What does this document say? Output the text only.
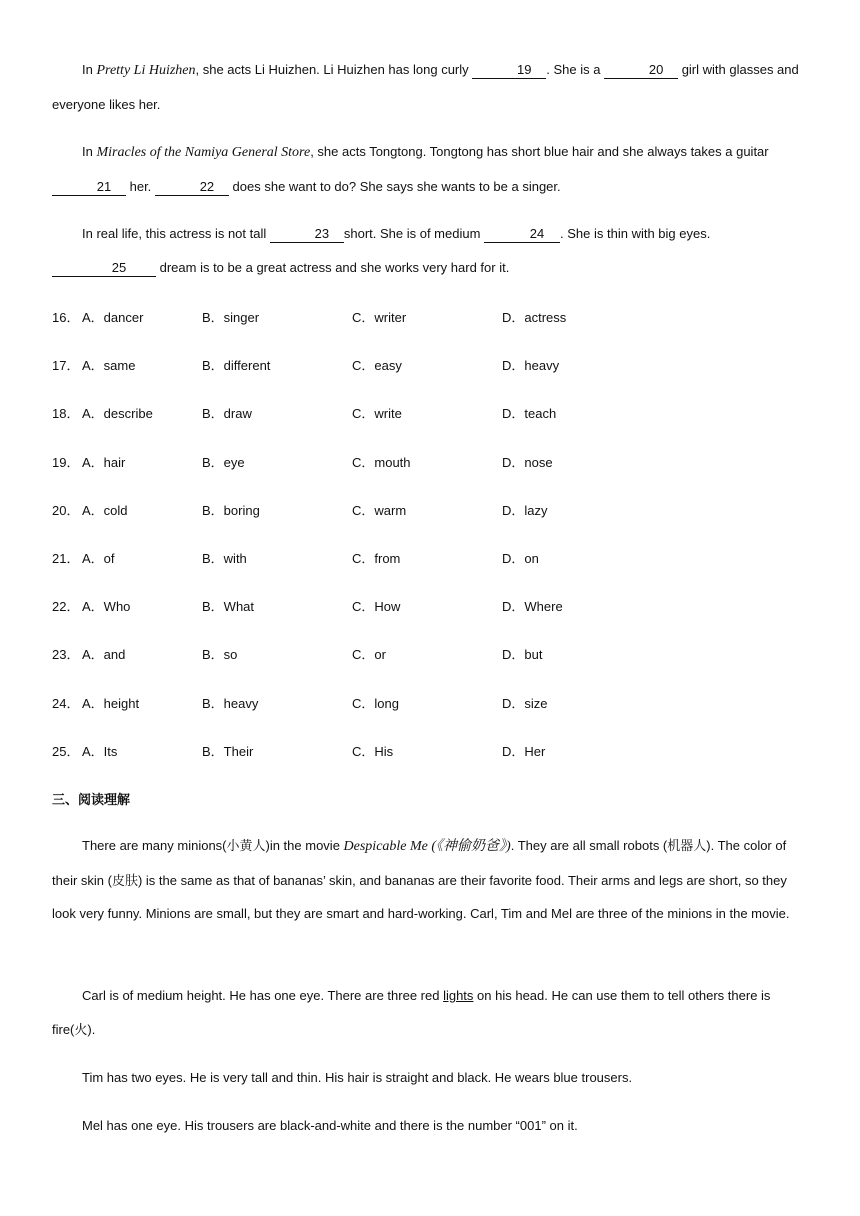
In Pretty Li Huizhen, she acts Li Huizhen. Li Huizhen has long curly	19 . She is a	20 girl with glasses and everyone likes her.

In Miracles of the Namiya General Store, she acts Tongtong. Tongtong has short blue hair and she always takes a guitar 21 her.	22 does she want to do? She says she wants to be a singer.

In real life, this actress is not tall	23 short. She is of medium	24 . She is thin with big eyes.
25 dream is to be a great actress and she works very hard for it.

16． A．dancer	B．singer	C．writer	D．actress
17． A．same	B．different	C．easy	D．heavy
18． A．describe	B．draw	C．write	D．teach
19． A．hair	B．eye	C．mouth	D．nose
20． A．cold	B．boring	C．warm	D．lazy
21． A．of	B．with	C．from	D．on
22． A．Who	B．What	C．How	D．Where
23． A．and	B．so	C．or	D．but
24． A．height	B．heavy	C．long	D．size
25． A．Its	B．Their	C．His	D．Her
三、阅读理解

There are many minions(小黄人)in the movie Despicable Me (《神偷奶爸》). They are all small robots (机器人). The color of their skin (皮肤) is the same as that of bananas’ skin, and bananas are their favorite food. Their arms and legs are short, so they look very funny. Minions are small, but they are smart and hard-working. Carl, Tim and Mel are three of the minions in the movie.

Carl is of medium height. He has one eye. There are three red lights on his head. He can use them to tell others there is fire(火).

Tim has two eyes. He is very tall and thin. His hair is straight and black. He wears blue trousers.

Mel has one eye. His trousers are black-and-white and there is the number “001” on it.
